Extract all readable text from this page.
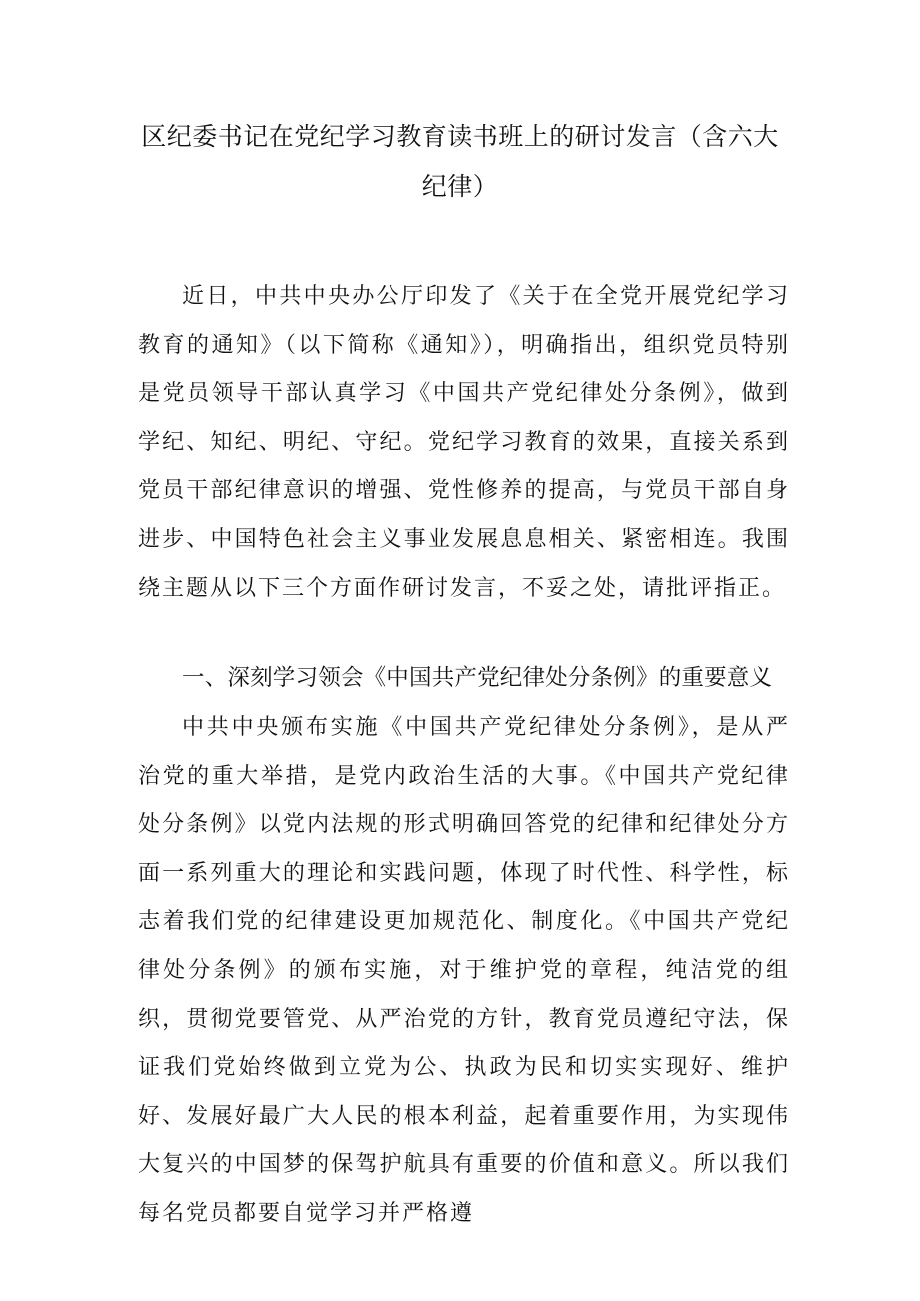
区纪委书记在党纪学习教育读书班上的研讨发言（含六大纪律）
近日，中共中央办公厅印发了《关于在全党开展党纪学习教育的通知》（以下简称《通知》），明确指出，组织党员特别是党员领导干部认真学习《中国共产党纪律处分条例》，做到学纪、知纪、明纪、守纪。党纪学习教育的效果，直接关系到党员干部纪律意识的增强、党性修养的提高，与党员干部自身进步、中国特色社会主义事业发展息息相关、紧密相连。我围绕主题从以下三个方面作研讨发言，不妥之处，请批评指正。
一、深刻学习领会《中国共产党纪律处分条例》的重要意义
中共中央颁布实施《中国共产党纪律处分条例》，是从严治党的重大举措，是党内政治生活的大事。《中国共产党纪律处分条例》以党内法规的形式明确回答党的纪律和纪律处分方面一系列重大的理论和实践问题，体现了时代性、科学性，标志着我们党的纪律建设更加规范化、制度化。《中国共产党纪律处分条例》的颁布实施，对于维护党的章程，纯洁党的组织，贯彻党要管党、从严治党的方针，教育党员遵纪守法，保证我们党始终做到立党为公、执政为民和切实实现好、维护好、发展好最广大人民的根本利益，起着重要作用，为实现伟大复兴的中国梦的保驾护航具有重要的价值和意义。所以我们每名党员都要自觉学习并严格遵
